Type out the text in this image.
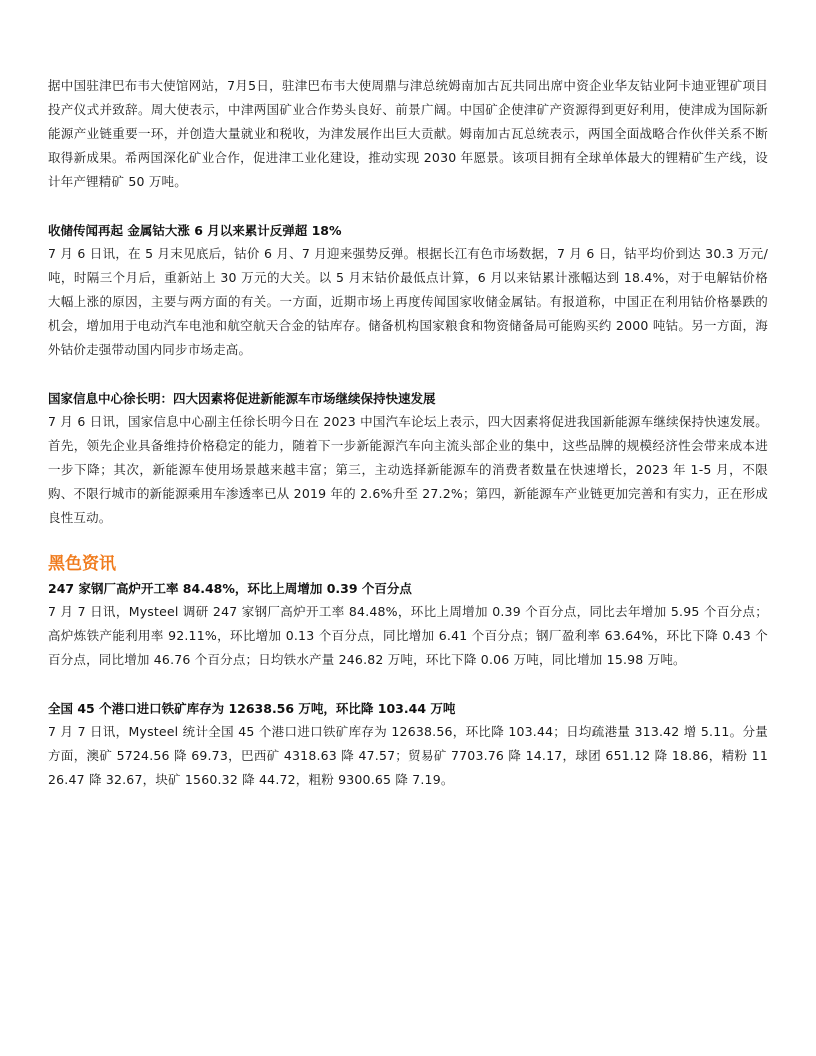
据中国驻津巴布韦大使馆网站，7月5日，驻津巴布韦大使周鼎与津总统姆南加古瓦共同出席中资企业华友钴业阿卡迪亚锂矿项目投产仪式并致辞。周大使表示，中津两国矿业合作势头良好、前景广阔。中国矿企使津矿产资源得到更好利用，使津成为国际新能源产业链重要一环，并创造大量就业和税收，为津发展作出巨大贡献。姆南加古瓦总统表示，两国全面战略合作伙伴关系不断取得新成果。希两国深化矿业合作，促进津工业化建设，推动实现 2030 年愿景。该项目拥有全球单体最大的锂精矿生产线，设计年产锂精矿 50 万吨。

收储传闻再起 金属钴大涨 6 月以来累计反弹超 18%

7 月 6 日讯，在 5 月末见底后，钴价 6 月、7 月迎来强势反弹。根据长江有色市场数据，7 月 6 日，钴平均价到达 30.3 万元/吨，时隔三个月后，重新站上 30 万元的大关。以 5 月末钴价最低点计算，6 月以来钴累计涨幅达到 18.4%，对于电解钴价格大幅上涨的原因，主要与两方面的有关。一方面，近期市场上再度传闻国家收储金属钴。有报道称，中国正在利用钴价格暴跌的机会，增加用于电动汽车电池和航空航天合金的钴库存。储备机构国家粮食和物资储备局可能购买约 2000 吨钴。另一方面，海外钴价走强带动国内同步市场走高。

国家信息中心徐长明：四大因素将促进新能源车市场继续保持快速发展

7 月 6 日讯，国家信息中心副主任徐长明今日在 2023 中国汽车论坛上表示，四大因素将促进我国新能源车继续保持快速发展。首先，领先企业具备维持价格稳定的能力，随着下一步新能源汽车向主流头部企业的集中，这些品牌的规模经济性会带来成本进一步下降；其次，新能源车使用场景越来越丰富；第三，主动选择新能源车的消费者数量在快速增长，2023 年 1-5 月，不限购、不限行城市的新能源乘用车渗透率已从 2019 年的 2.6%升至 27.2%；第四，新能源车产业链更加完善和有实力，正在形成良性互动。

黑色资讯

247 家钢厂高炉开工率 84.48%，环比上周增加 0.39 个百分点

7 月 7 日讯，Mysteel 调研 247 家钢厂高炉开工率 84.48%，环比上周增加 0.39 个百分点，同比去年增加 5.95 个百分点；高炉炼铁产能利用率 92.11%，环比增加 0.13 个百分点，同比增加 6.41 个百分点；钢厂盈利率 63.64%，环比下降 0.43 个百分点，同比增加 46.76 个百分点；日均铁水产量 246.82 万吨，环比下降 0.06 万吨，同比增加 15.98 万吨。

全国 45 个港口进口铁矿库存为 12638.56 万吨，环比降 103.44 万吨

7 月 7 日讯，Mysteel 统计全国 45 个港口进口铁矿库存为 12638.56，环比降 103.44；日均疏港量 313.42 增 5.11。分量方面，澳矿 5724.56 降 69.73，巴西矿 4318.63 降 47.57；贸易矿 7703.76 降 14.17，球团 651.12 降 18.86，精粉 1126.47 降 32.67，块矿 1560.32 降 44.72，粗粉 9300.65 降 7.19。
